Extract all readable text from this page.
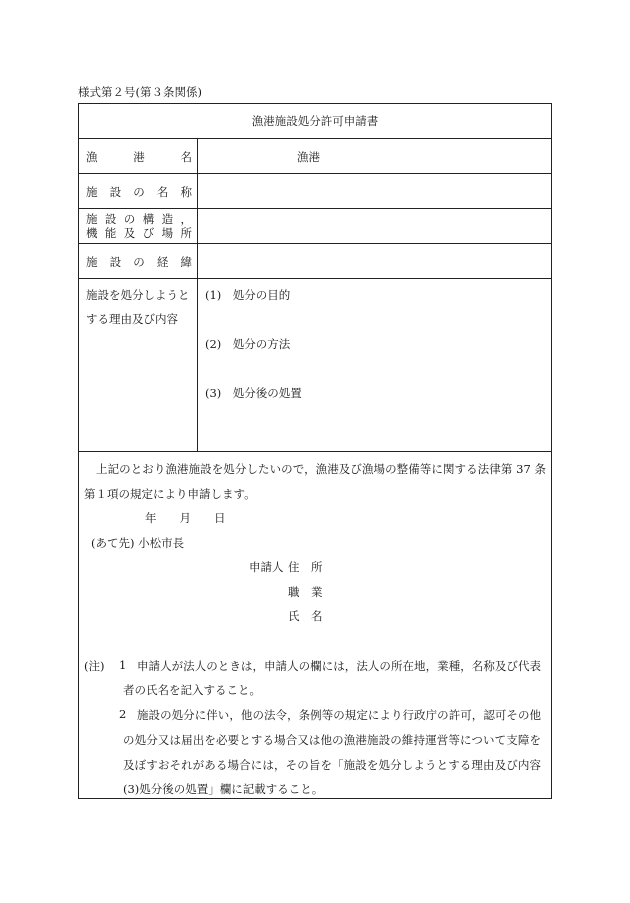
様式第２号(第３条関係)
漁港施設処分許可申請書
漁港名	漁港
施設の名称
施設の構造，
機能及び場所
施設の経緯
施設を処分しようと
する理由及び内容
(1)　処分の目的
(2)　処分の方法
(3)　処分後の処置
上記のとおり漁港施設を処分したいので，漁港及び漁場の整備等に関する法律第 37 条
第１項の規定により申請します。
年　　月　　日
(あて先) 小松市長
申請人 住　所
職　業
氏　名
(注) 1 申請人が法人のときは，申請人の欄には，法人の所在地，業種，名称及び代表
者の氏名を記入すること。
2 施設の処分に伴い，他の法令，条例等の規定により行政庁の許可，認可その他
の処分又は届出を必要とする場合又は他の漁港施設の維持運営等について支障を
及ぼすおそれがある場合には，その旨を「施設を処分しようとする理由及び内容
(3)処分後の処置」欄に記載すること。
